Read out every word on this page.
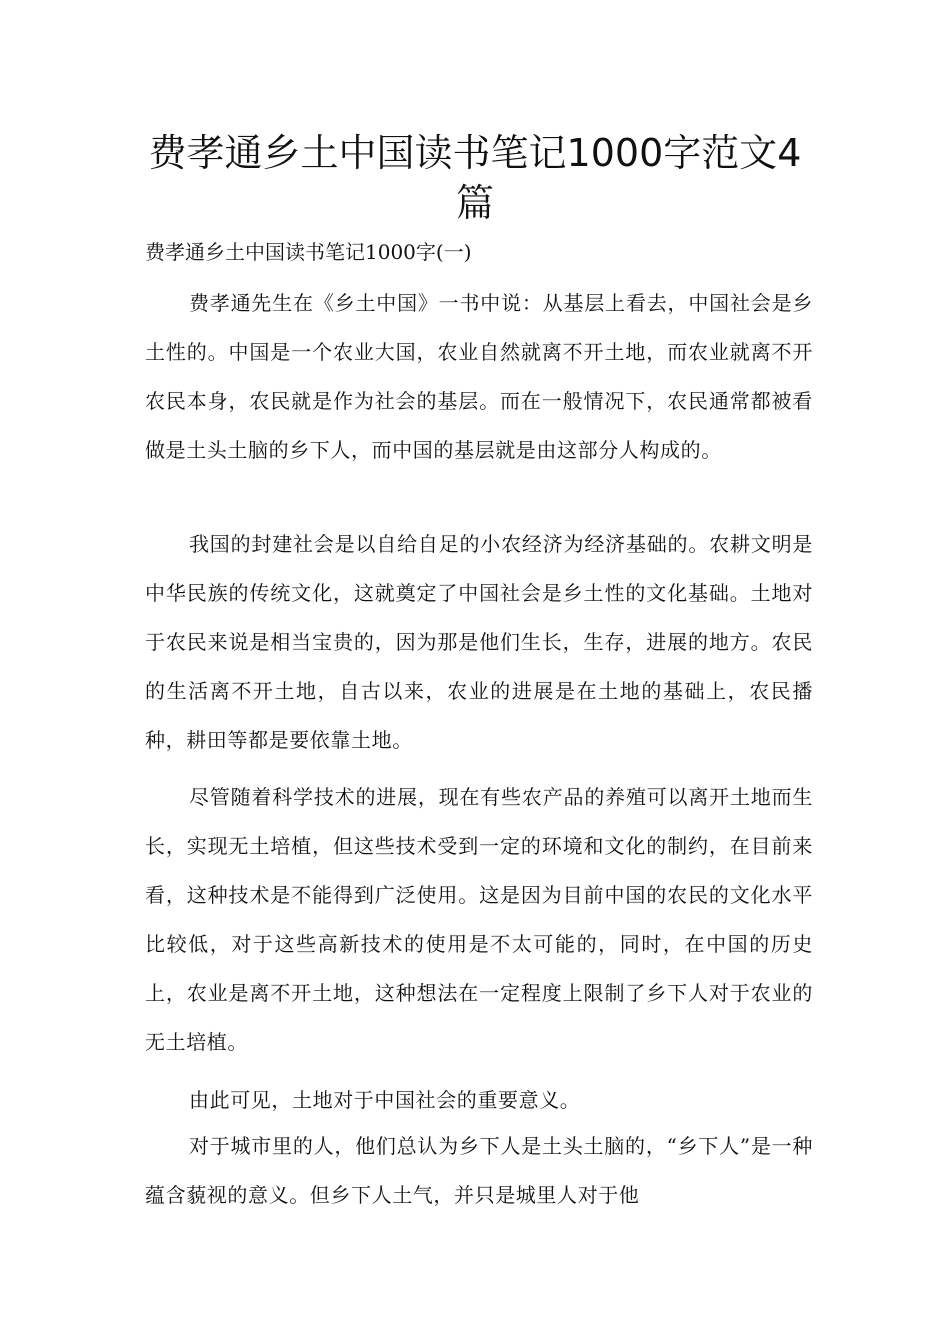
费孝通乡土中国读书笔记1000字范文4篇

费孝通乡土中国读书笔记1000字(一)

费孝通先生在《乡土中国》一书中说：从基层上看去，中国社会是乡土性的。中国是一个农业大国，农业自然就离不开土地，而农业就离不开农民本身，农民就是作为社会的基层。而在一般情况下，农民通常都被看做是土头土脑的乡下人，而中国的基层就是由这部分人构成的。

我国的封建社会是以自给自足的小农经济为经济基础的。农耕文明是中华民族的传统文化，这就奠定了中国社会是乡土性的文化基础。土地对于农民来说是相当宝贵的，因为那是他们生长，生存，进展的地方。农民的生活离不开土地，自古以来，农业的进展是在土地的基础上，农民播种，耕田等都是要依靠土地。

尽管随着科学技术的进展，现在有些农产品的养殖可以离开土地而生长，实现无土培植，但这些技术受到一定的环境和文化的制约，在目前来看，这种技术是不能得到广泛使用。这是因为目前中国的农民的文化水平比较低，对于这些高新技术的使用是不太可能的，同时，在中国的历史上，农业是离不开土地，这种想法在一定程度上限制了乡下人对于农业的无土培植。

由此可见，土地对于中国社会的重要意义。

对于城市里的人，他们总认为乡下人是土头土脑的，“乡下人”是一种蕴含藐视的意义。但乡下人土气，并只是城里人对于他
